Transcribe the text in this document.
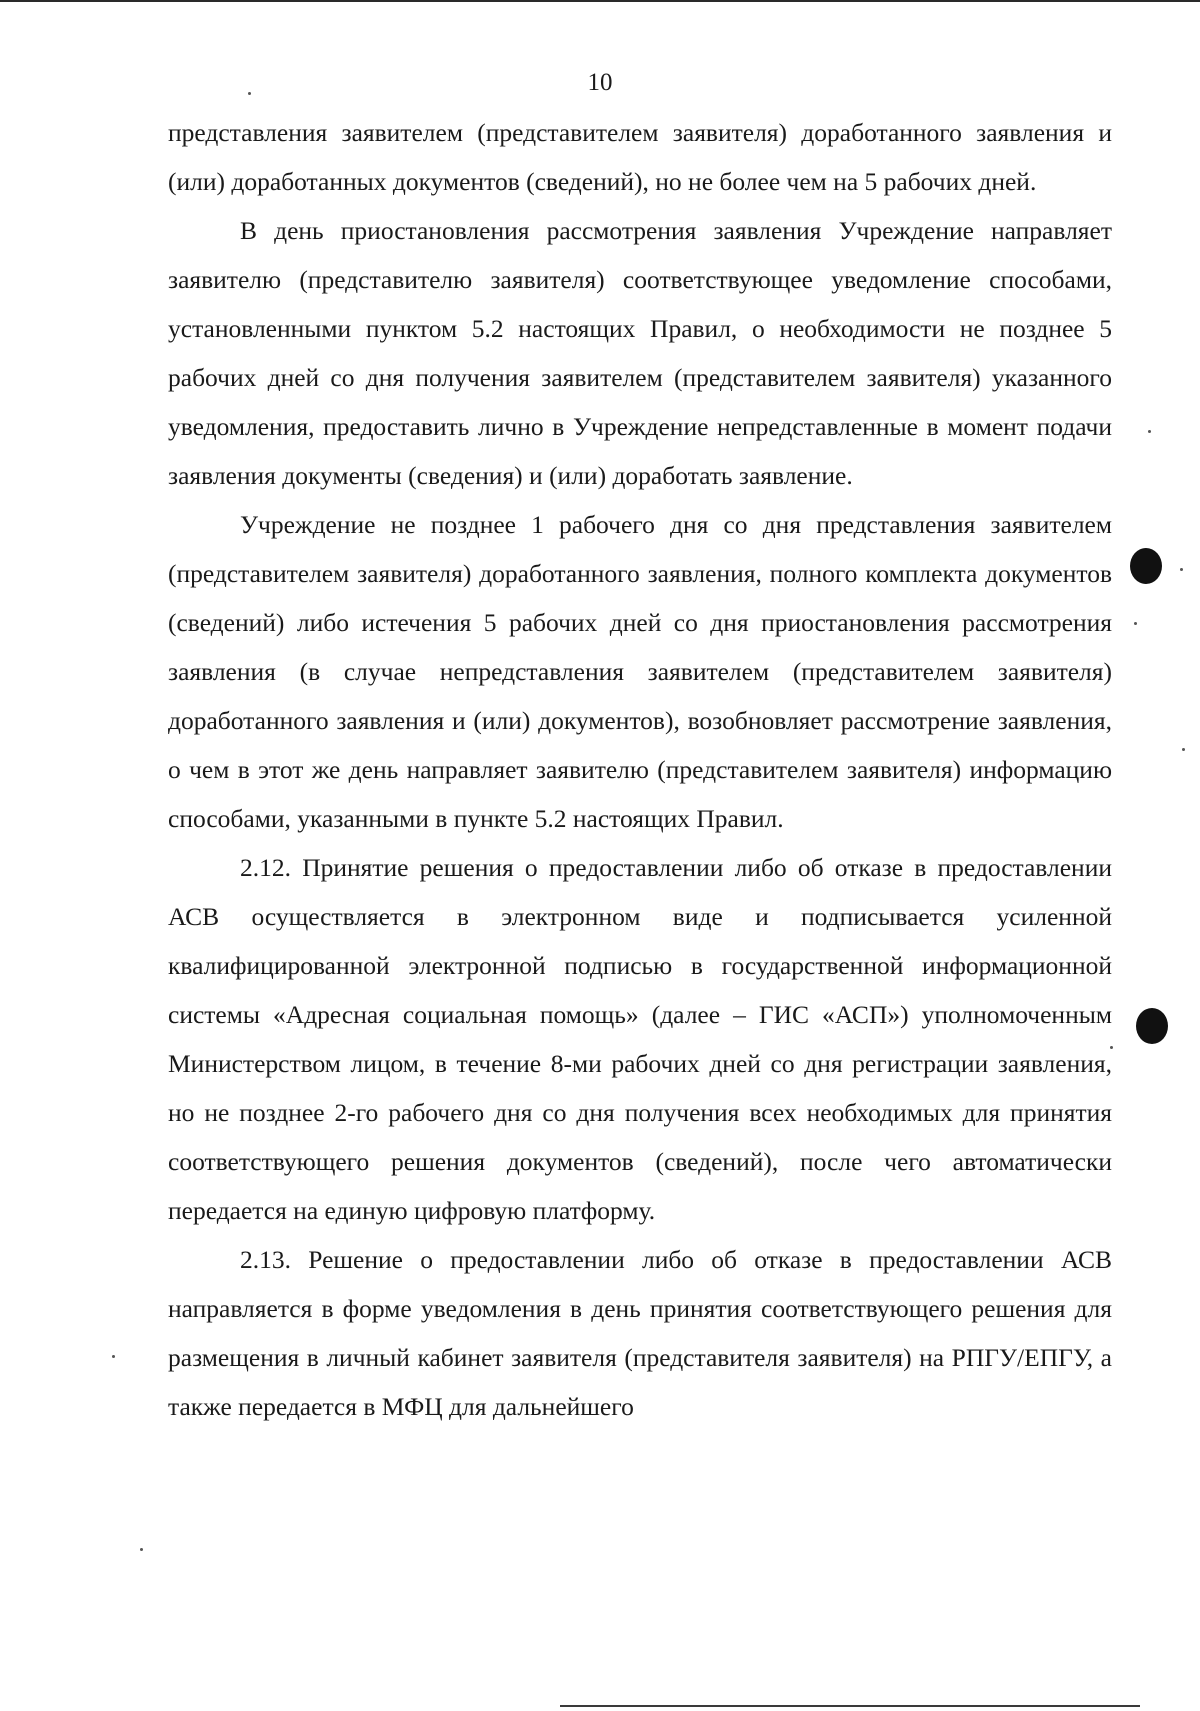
10

представления заявителем (представителем заявителя) доработанного заявления и (или) доработанных документов (сведений), но не более чем на 5 рабочих дней.

В день приостановления рассмотрения заявления Учреждение направляет заявителю (представителю заявителя) соответствующее уведомление способами, установленными пунктом 5.2 настоящих Правил, о необходимости не позднее 5 рабочих дней со дня получения заявителем (представителем заявителя) указанного уведомления, предоставить лично в Учреждение непредставленные в момент подачи заявления документы (сведения) и (или) доработать заявление.

Учреждение не позднее 1 рабочего дня со дня представления заявителем (представителем заявителя) доработанного заявления, полного комплекта документов (сведений) либо истечения 5 рабочих дней со дня приостановления рассмотрения заявления (в случае непредставления заявителем (представителем заявителя) доработанного заявления и (или) документов), возобновляет рассмотрение заявления, о чем в этот же день направляет заявителю (представителем заявителя) информацию способами, указанными в пункте 5.2 настоящих Правил.

2.12. Принятие решения о предоставлении либо об отказе в предоставлении АСВ осуществляется в электронном виде и подписывается усиленной квалифицированной электронной подписью в государственной информационной системы «Адресная социальная помощь» (далее – ГИС «АСП») уполномоченным Министерством лицом, в течение 8-ми рабочих дней со дня регистрации заявления, но не позднее 2-го рабочего дня со дня получения всех необходимых для принятия соответствующего решения документов (сведений), после чего автоматически передается на единую цифровую платформу.

2.13. Решение о предоставлении либо об отказе в предоставлении АСВ направляется в форме уведомления в день принятия соответствующего решения для размещения в личный кабинет заявителя (представителя заявителя) на РПГУ/ЕПГУ, а также передается в МФЦ для дальнейшего
